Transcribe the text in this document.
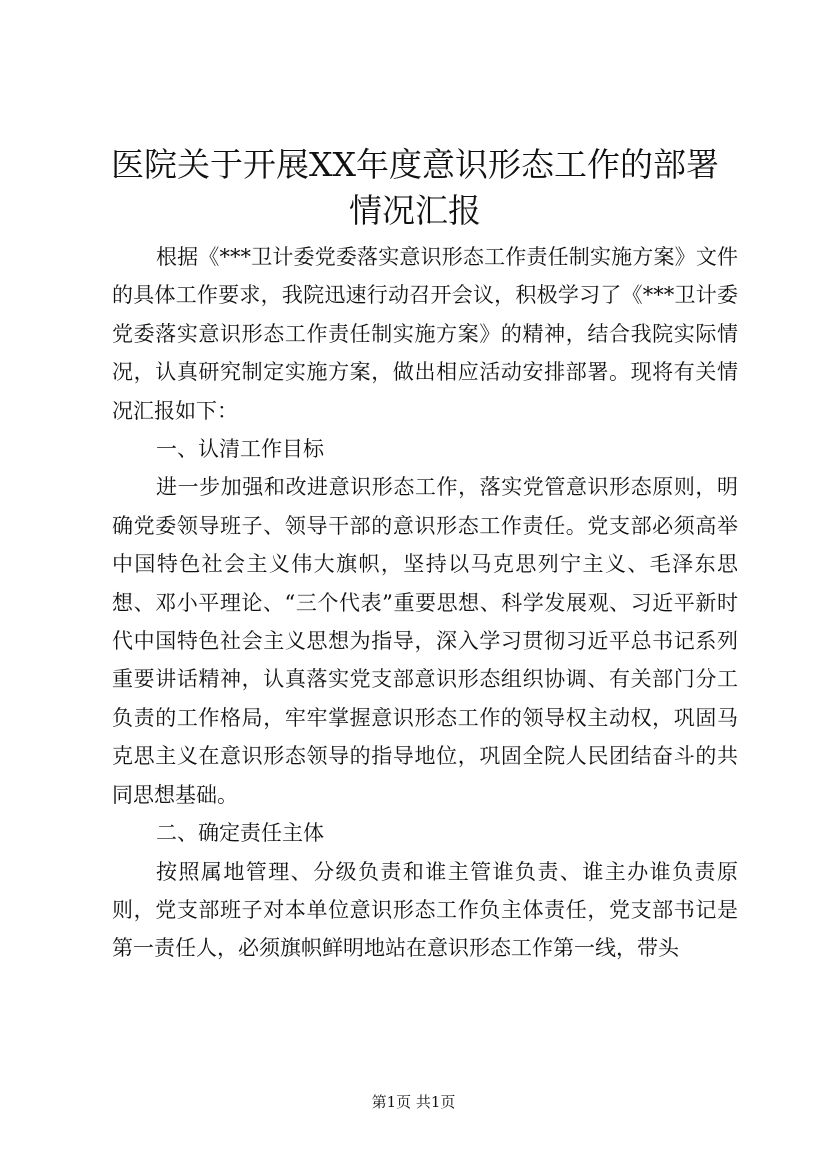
医院关于开展XX年度意识形态工作的部署情况汇报

根据《***卫计委党委落实意识形态工作责任制实施方案》文件的具体工作要求，我院迅速行动召开会议，积极学习了《***卫计委党委落实意识形态工作责任制实施方案》的精神，结合我院实际情况，认真研究制定实施方案，做出相应活动安排部署。现将有关情况汇报如下：

一、认清工作目标

进一步加强和改进意识形态工作，落实党管意识形态原则，明确党委领导班子、领导干部的意识形态工作责任。党支部必须高举中国特色社会主义伟大旗帜，坚持以马克思列宁主义、毛泽东思想、邓小平理论、“三个代表”重要思想、科学发展观、习近平新时代中国特色社会主义思想为指导，深入学习贯彻习近平总书记系列重要讲话精神，认真落实党支部意识形态组织协调、有关部门分工负责的工作格局，牢牢掌握意识形态工作的领导权主动权，巩固马克思主义在意识形态领导的指导地位，巩固全院人民团结奋斗的共同思想基础。

二、确定责任主体

按照属地管理、分级负责和谁主管谁负责、谁主办谁负责原则，党支部班子对本单位意识形态工作负主体责任，党支部书记是第一责任人，必须旗帜鲜明地站在意识形态工作第一线，带头

第1页 共1页
